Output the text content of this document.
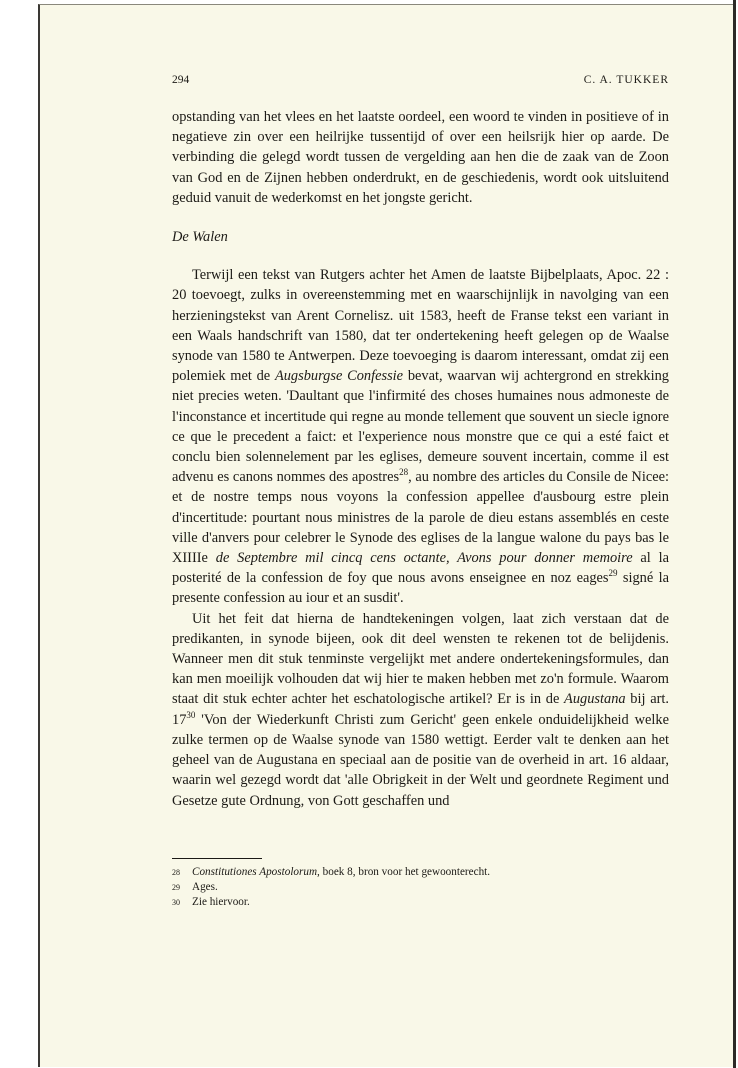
294	C. A. TUKKER

opstanding van het vlees en het laatste oordeel, een woord te vinden in positieve of in negatieve zin over een heilrijke tussentijd of over een heilsrijk hier op aarde. De verbinding die gelegd wordt tussen de vergelding aan hen die de zaak van de Zoon van God en de Zijnen hebben onderdrukt, en de geschiedenis, wordt ook uitsluitend geduid vanuit de wederkomst en het jongste gericht.

De Walen

Terwijl een tekst van Rutgers achter het Amen de laatste Bijbelplaats, Apoc. 22 : 20 toevoegt, zulks in overeenstemming met en waarschijnlijk in navolging van een herzieningstekst van Arent Cornelisz. uit 1583, heeft de Franse tekst een variant in een Waals handschrift van 1580, dat ter ondertekening heeft gelegen op de Waalse synode van 1580 te Antwerpen. Deze toevoeging is daarom interessant, omdat zij een polemiek met de Augsburgse Confessie bevat, waarvan wij achtergrond en strekking niet precies weten. 'Daultant que l'infirmité des choses humaines nous admoneste de l'inconstance et incertitude qui regne au monde tellement que souvent un siecle ignore ce que le precedent a faict: et l'experience nous monstre que ce qui a esté faict et conclu bien solennelement par les eglises, demeure souvent incertain, comme il est advenu es canons nommes des apostres$^{28}$, au nombre des articles du Consile de Nicee: et de nostre temps nous voyons la confession appellee d'ausbourg estre plein d'incertitude: pourtant nous ministres de la parole de dieu estans assemblés en ceste ville d'anvers pour celebrer le Synode des eglises de la langue walone du pays bas le XIIIIe de Septembre mil cincq cens octante, Avons pour donner memoire al la posterité de la confession de foy que nous avons enseignee en noz eages$^{29}$ signé la presente confession au iour et an susdit'.

Uit het feit dat hierna de handtekeningen volgen, laat zich verstaan dat de predikanten, in synode bijeen, ook dit deel wensten te rekenen tot de belijdenis. Wanneer men dit stuk tenminste vergelijkt met andere ondertekeningsformules, dan kan men moeilijk volhouden dat wij hier te maken hebben met zo'n formule. Waarom staat dit stuk echter achter het eschatologische artikel? Er is in de Augustana bij art. $17^{30}$ 'Von der Wiederkunft Christi zum Gericht' geen enkele onduidelijkheid welke zulke termen op de Waalse synode van 1580 wettigt. Eerder valt te denken aan het geheel van de Augustana en speciaal aan de positie van de overheid in art. 16 aldaar, waarin wel gezegd wordt dat 'alle Obrigkeit in der Welt und geordnete Regiment und Gesetze gute Ordnung, von Gott geschaffen und

28	Constitutiones Apostolorum, boek 8, bron voor het gewoonterecht.
29	Ages.
30	Zie hiervoor.
